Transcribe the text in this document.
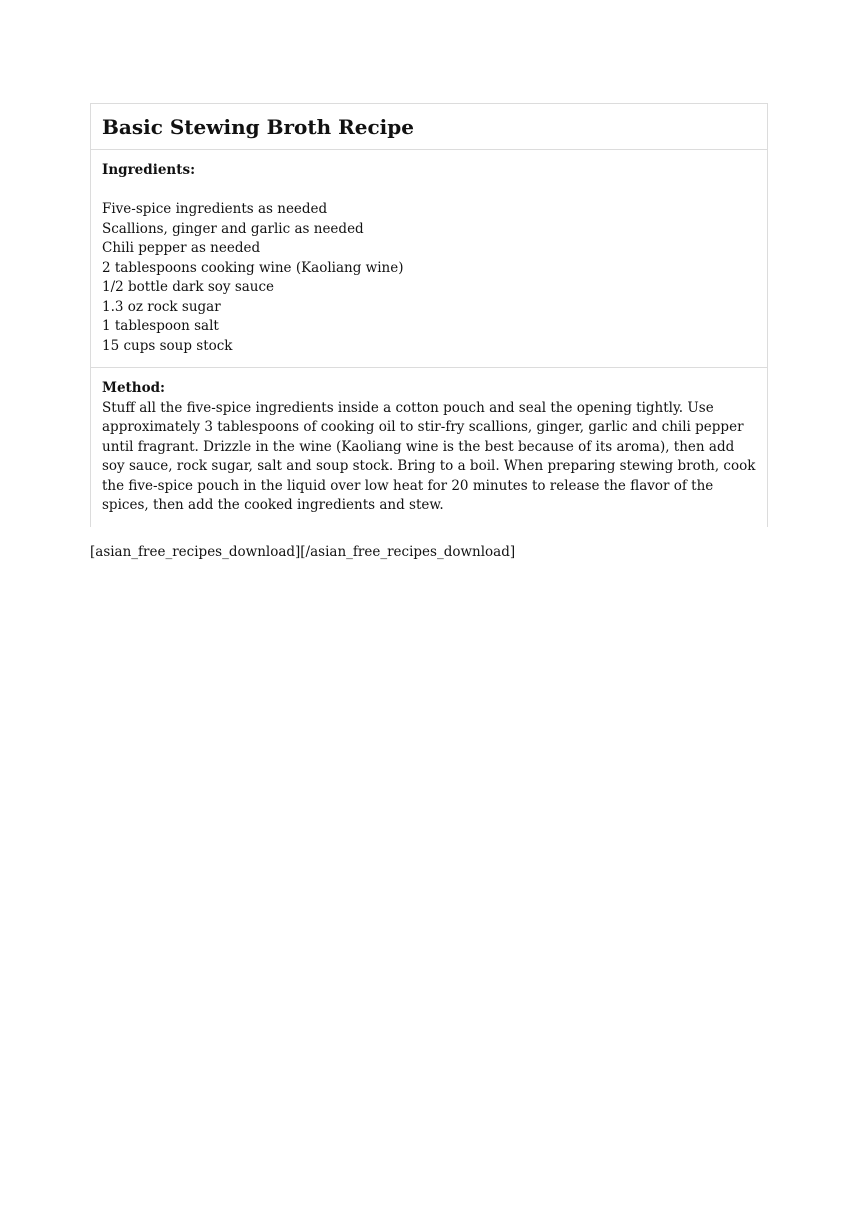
Basic Stewing Broth Recipe

Ingredients:

Five-spice ingredients as needed
Scallions, ginger and garlic as needed
Chili pepper as needed
2 tablespoons cooking wine (Kaoliang wine)
1/2 bottle dark soy sauce
1.3 oz rock sugar
1 tablespoon salt
15 cups soup stock

Method:

Stuff all the five-spice ingredients inside a cotton pouch and seal the opening tightly. Use approximately 3 tablespoons of cooking oil to stir-fry scallions, ginger, garlic and chili pepper until fragrant. Drizzle in the wine (Kaoliang wine is the best because of its aroma), then add soy sauce, rock sugar, salt and soup stock. Bring to a boil. When preparing stewing broth, cook the five-spice pouch in the liquid over low heat for 20 minutes to release the flavor of the spices, then add the cooked ingredients and stew.

[asian_free_recipes_download][/asian_free_recipes_download]
